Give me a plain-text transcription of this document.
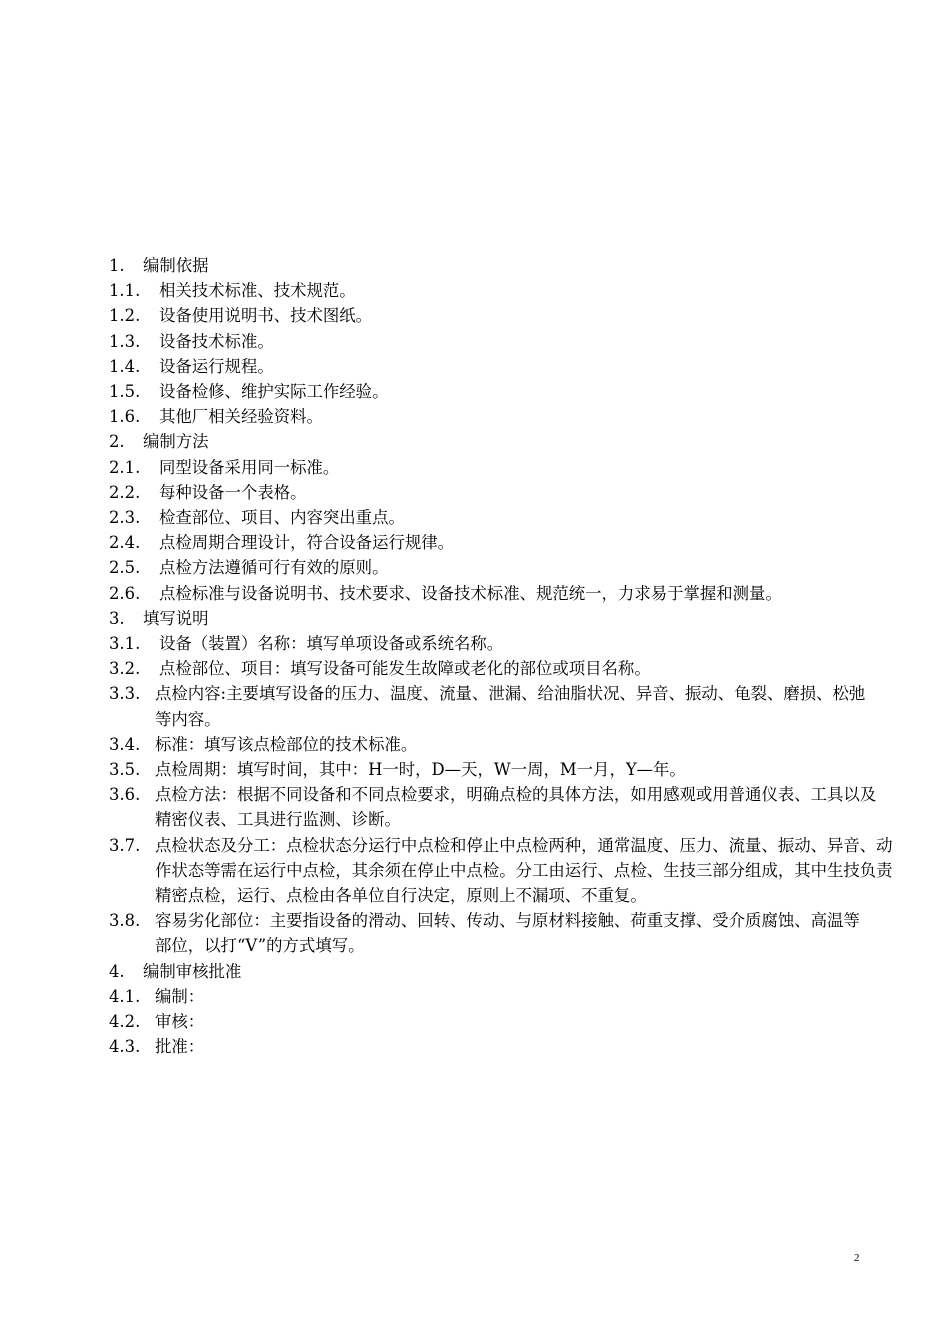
1.	编制依据
1.1.	相关技术标准、技术规范。
1.2.	设备使用说明书、技术图纸。
1.3.	设备技术标准。
1.4.	设备运行规程。
1.5.	设备检修、维护实际工作经验。
1.6.	其他厂相关经验资料。
2.	编制方法
2.1.	同型设备采用同一标准。
2.2.	每种设备一个表格。
2.3.	检查部位、项目、内容突出重点。
2.4.	点检周期合理设计，符合设备运行规律。
2.5.	点检方法遵循可行有效的原则。
2.6.	点检标准与设备说明书、技术要求、设备技术标准、规范统一，力求易于掌握和测量。
3.	填写说明
3.1.	设备（装置）名称：填写单项设备或系统名称。
3.2.	点检部位、项目：填写设备可能发生故障或老化的部位或项目名称。
3.3. 点检内容:主要填写设备的压力、温度、流量、泄漏、给油脂状况、异音、振动、龟裂、磨损、松弛等内容。
3.4. 标准：填写该点检部位的技术标准。
3.5. 点检周期：填写时间，其中：H一时，D—天，W一周，M一月，Y—年。
3.6. 点检方法：根据不同设备和不同点检要求，明确点检的具体方法，如用感观或用普通仪表、工具以及精密仪表、工具进行监测、诊断。
3.7. 点检状态及分工：点检状态分运行中点检和停止中点检两种，通常温度、压力、流量、振动、异音、动作状态等需在运行中点检，其余须在停止中点检。分工由运行、点检、生技三部分组成，其中生技负责精密点检，运行、点检由各单位自行决定，原则上不漏项、不重复。
3.8. 容易劣化部位：主要指设备的滑动、回转、传动、与原材料接触、荷重支撑、受介质腐蚀、高温等部位，以打“V”的方式填写。
4.	编制审核批准
4.1. 编制：
4.2. 审核：
4.3. 批准：
2
